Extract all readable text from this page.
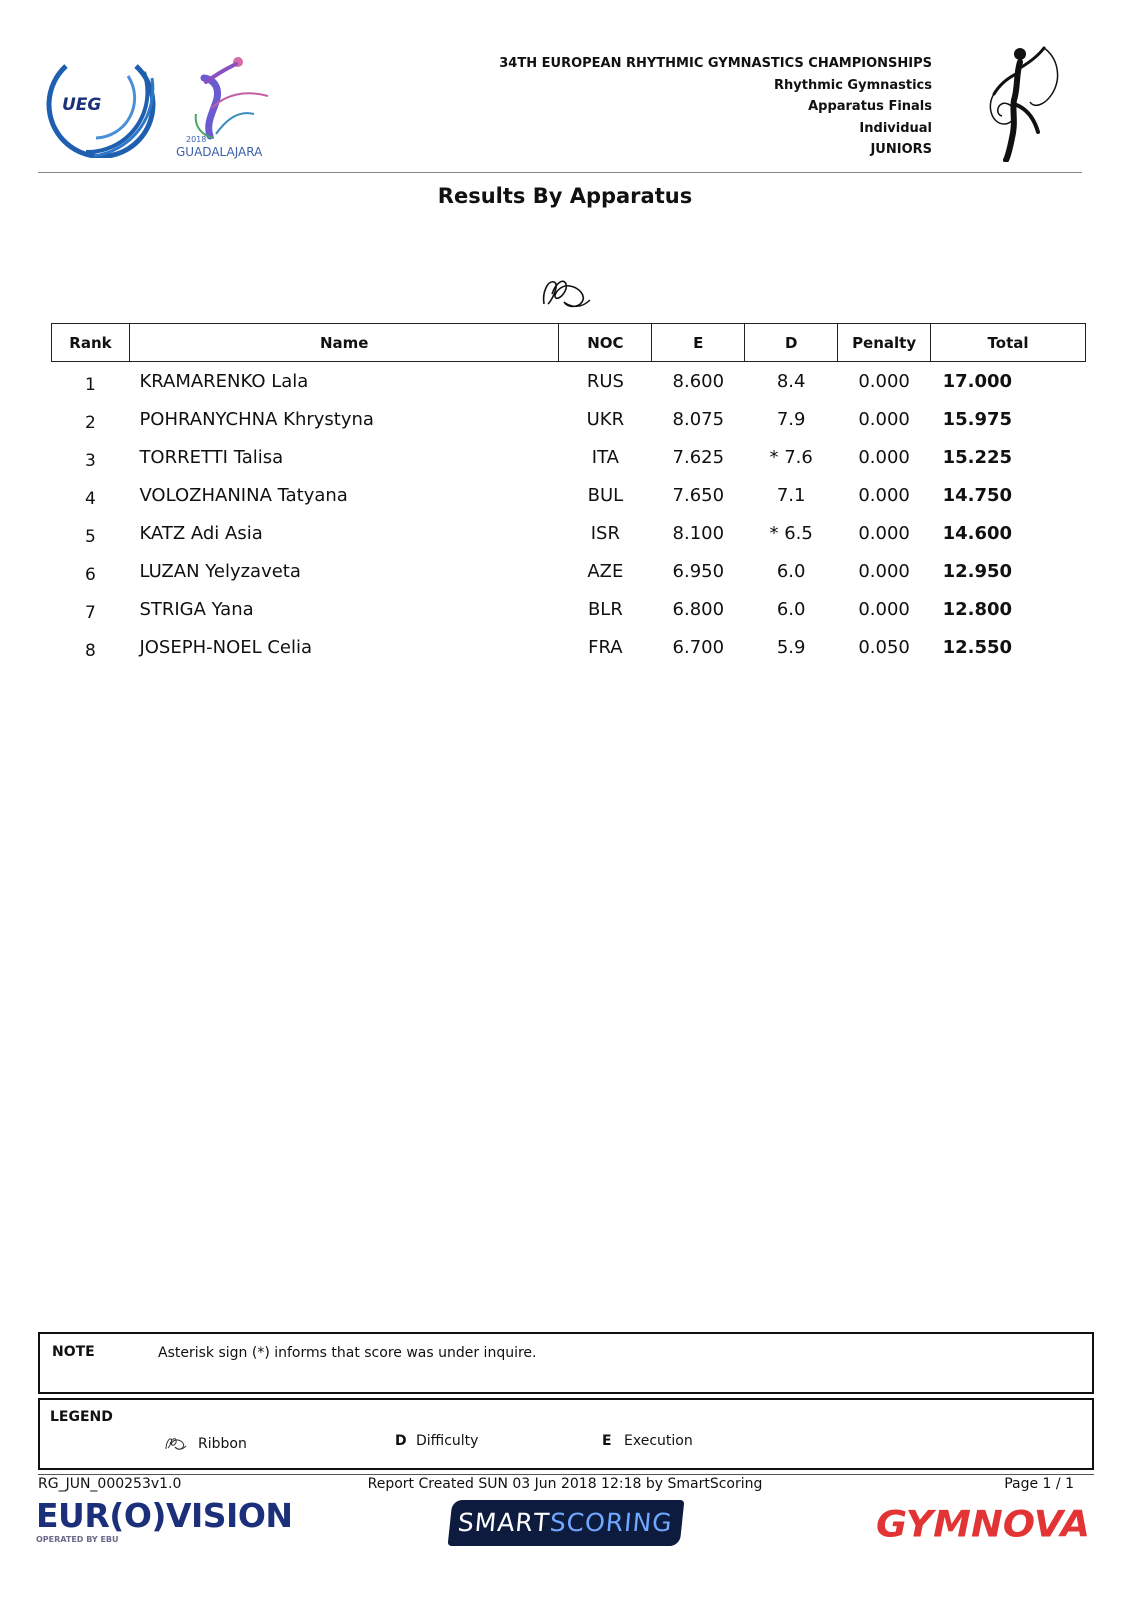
UEG
2018
GUADALAJARA
34TH EUROPEAN RHYTHMIC GYMNASTICS CHAMPIONSHIPS
Rhythmic Gymnastics
Apparatus Finals
Individual
JUNIORS
Results By Apparatus
Rank	Name	NOC	E	D	Penalty	Total
1	KRAMARENKO Lala	RUS	8.600	8.4	0.000	17.000
2	POHRANYCHNA Khrystyna	UKR	8.075	7.9	0.000	15.975
3	TORRETTI Talisa	ITA	7.625	* 7.6	0.000	15.225
4	VOLOZHANINA Tatyana	BUL	7.650	7.1	0.000	14.750
5	KATZ Adi Asia	ISR	8.100	* 6.5	0.000	14.600
6	LUZAN Yelyzaveta	AZE	6.950	6.0	0.000	12.950
7	STRIGA Yana	BLR	6.800	6.0	0.000	12.800
8	JOSEPH-NOEL Celia	FRA	6.700	5.9	0.050	12.550
NOTE	Asterisk sign (*) informs that score was under inquire.
LEGEND
Ribbon	D Difficulty	E Execution
RG_JUN_000253v1.0	Report Created SUN 03 Jun 2018 12:18 by SmartScoring	Page 1 / 1
EUR(O)VISION
OPERATED BY EBU
SMARTSCORING	GYMNOVA
